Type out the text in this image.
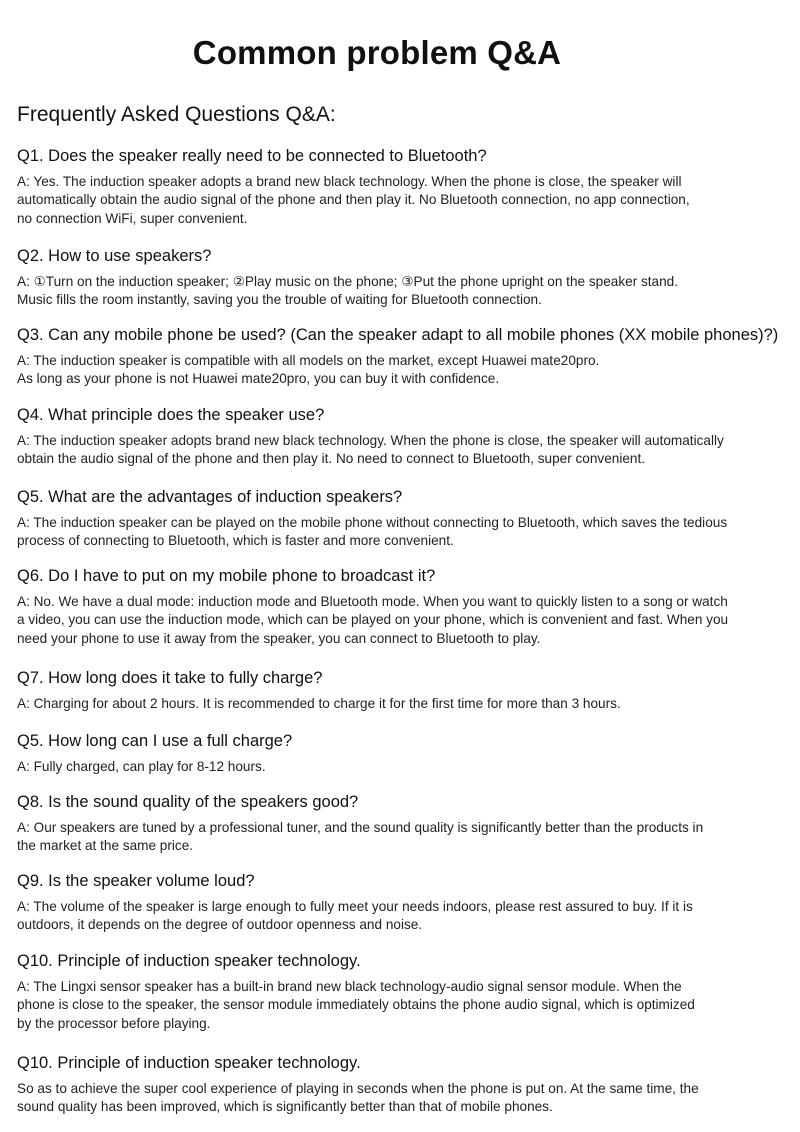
Common problem Q&A
Frequently Asked Questions Q&A:

Q1. Does the speaker really need to be connected to Bluetooth?

A: Yes. The induction speaker adopts a brand new black technology. When the phone is close, the speaker will
automatically obtain the audio signal of the phone and then play it. No Bluetooth connection, no app connection,
no connection WiFi, super convenient.

Q2. How to use speakers?

A: ①Turn on the induction speaker; ②Play music on the phone; ③Put the phone upright on the speaker stand.
Music fills the room instantly, saving you the trouble of waiting for Bluetooth connection.

Q3. Can any mobile phone be used? (Can the speaker adapt to all mobile phones (XX mobile phones)?)

A: The induction speaker is compatible with all models on the market, except Huawei mate20pro.
As long as your phone is not Huawei mate20pro, you can buy it with confidence.

Q4. What principle does the speaker use?

A: The induction speaker adopts brand new black technology. When the phone is close, the speaker will automatically
obtain the audio signal of the phone and then play it. No need to connect to Bluetooth, super convenient.

Q5. What are the advantages of induction speakers?

A: The induction speaker can be played on the mobile phone without connecting to Bluetooth, which saves the tedious
process of connecting to Bluetooth, which is faster and more convenient.

Q6. Do I have to put on my mobile phone to broadcast it?

A: No. We have a dual mode: induction mode and Bluetooth mode. When you want to quickly listen to a song or watch
a video, you can use the induction mode, which can be played on your phone, which is convenient and fast. When you
need your phone to use it away from the speaker, you can connect to Bluetooth to play.

Q7. How long does it take to fully charge?

A: Charging for about 2 hours. It is recommended to charge it for the first time for more than 3 hours.

Q5. How long can I use a full charge?

A: Fully charged, can play for 8-12 hours.

Q8. Is the sound quality of the speakers good?

A: Our speakers are tuned by a professional tuner, and the sound quality is significantly better than the products in
the market at the same price.

Q9. Is the speaker volume loud?

A: The volume of the speaker is large enough to fully meet your needs indoors, please rest assured to buy. If it is
outdoors, it depends on the degree of outdoor openness and noise.

Q10. Principle of induction speaker technology.

A: The Lingxi sensor speaker has a built-in brand new black technology-audio signal sensor module. When the
phone is close to the speaker, the sensor module immediately obtains the phone audio signal, which is optimized
by the processor before playing.

Q10. Principle of induction speaker technology.

So as to achieve the super cool experience of playing in seconds when the phone is put on. At the same time, the
sound quality has been improved, which is significantly better than that of mobile phones.
